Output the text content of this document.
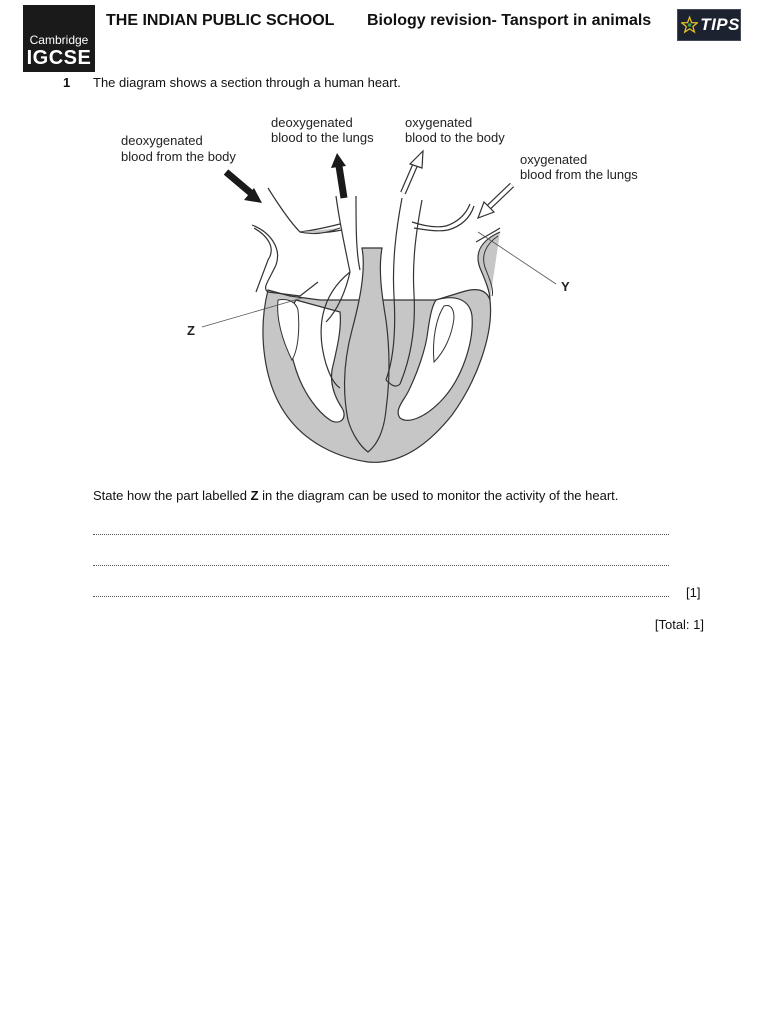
Cambridge
IGCSE
THE INDIAN PUBLIC SCHOOL Biology revision- Tansport in animals	TIPS
1 The diagram shows a section through a human heart.
deoxygenated
blood from the body
deoxygenated
blood to the lungs
oxygenated
blood to the body
oxygenated
blood from the lungs
Y
Z
State how the part labelled Z in the diagram can be used to monitor the activity of the heart.
[1]
[Total: 1]
